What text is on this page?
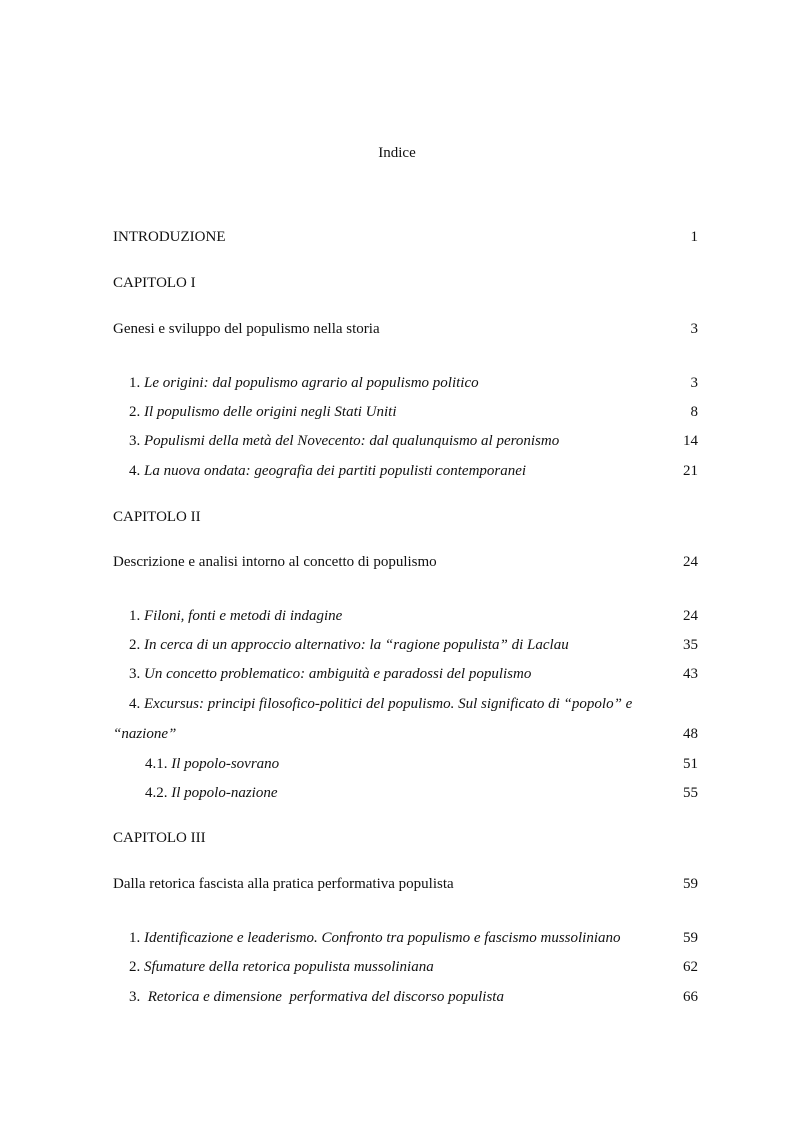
Indice
INTRODUZIONE	1
CAPITOLO I
Genesi e sviluppo del populismo nella storia	3
1. Le origini: dal populismo agrario al populismo politico	3
2. Il populismo delle origini negli Stati Uniti	8
3. Populismi della metà del Novecento: dal qualunquismo al peronismo	14
4. La nuova ondata: geografia dei partiti populisti contemporanei	21
CAPITOLO II
Descrizione e analisi intorno al concetto di populismo	24
1. Filoni, fonti e metodi di indagine	24
2. In cerca di un approccio alternativo: la “ragione populista” di Laclau	35
3. Un concetto problematico: ambiguità e paradossi del populismo	43
4. Excursus: principi filosofico-politici del populismo. Sul significato di “popolo” e
“nazione”	48
4.1. Il popolo-sovrano	51
4.2. Il popolo-nazione	55
CAPITOLO III
Dalla retorica fascista alla pratica performativa populista	59
1. Identificazione e leaderismo. Confronto tra populismo e fascismo mussoliniano	59
2. Sfumature della retorica populista mussoliniana	62
3.  Retorica e dimensione  performativa del discorso populista	66
